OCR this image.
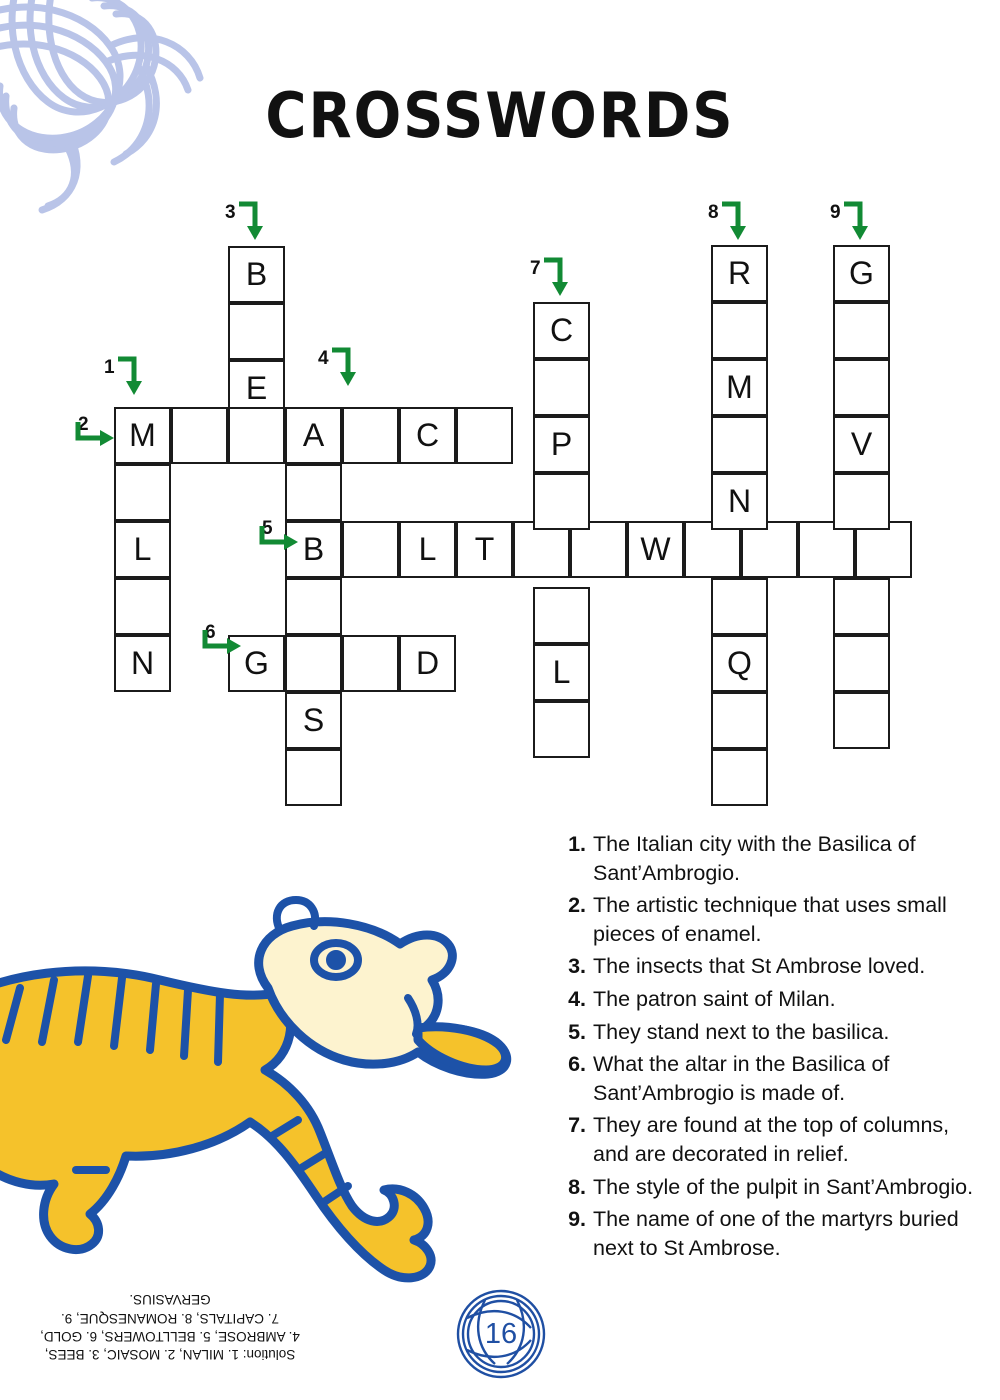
CROSSWORDS
B
E
M	A	C
L
N
B
S
G	D
L
C
P
L
R
M
N
Q
G
V
T	W
1
2
3
4
5
6
7
8	9
1. The Italian city with the Basilica of Sant’Ambrogio.
2. The artistic technique that uses small pieces of enamel.
3. The insects that St Ambrose loved.
4. The patron saint of Milan.
5. They stand next to the basilica.
6. What the altar in the Basilica of Sant’Ambrogio is made of.
7. They are found at the top of columns, and are decorated in relief.
8. The style of the pulpit in Sant’Ambrogio.
9. The name of one of the martyrs buried next to St Ambrose.
Solution: 1. MILAN, 2. MOSAIC, 3. BEES, 4. AMBROSE, 5. BELLTOWERS, 6. GOLD, 7. CAPITALS, 8. ROMANESQUE, 9. GERVASIUS.
16
